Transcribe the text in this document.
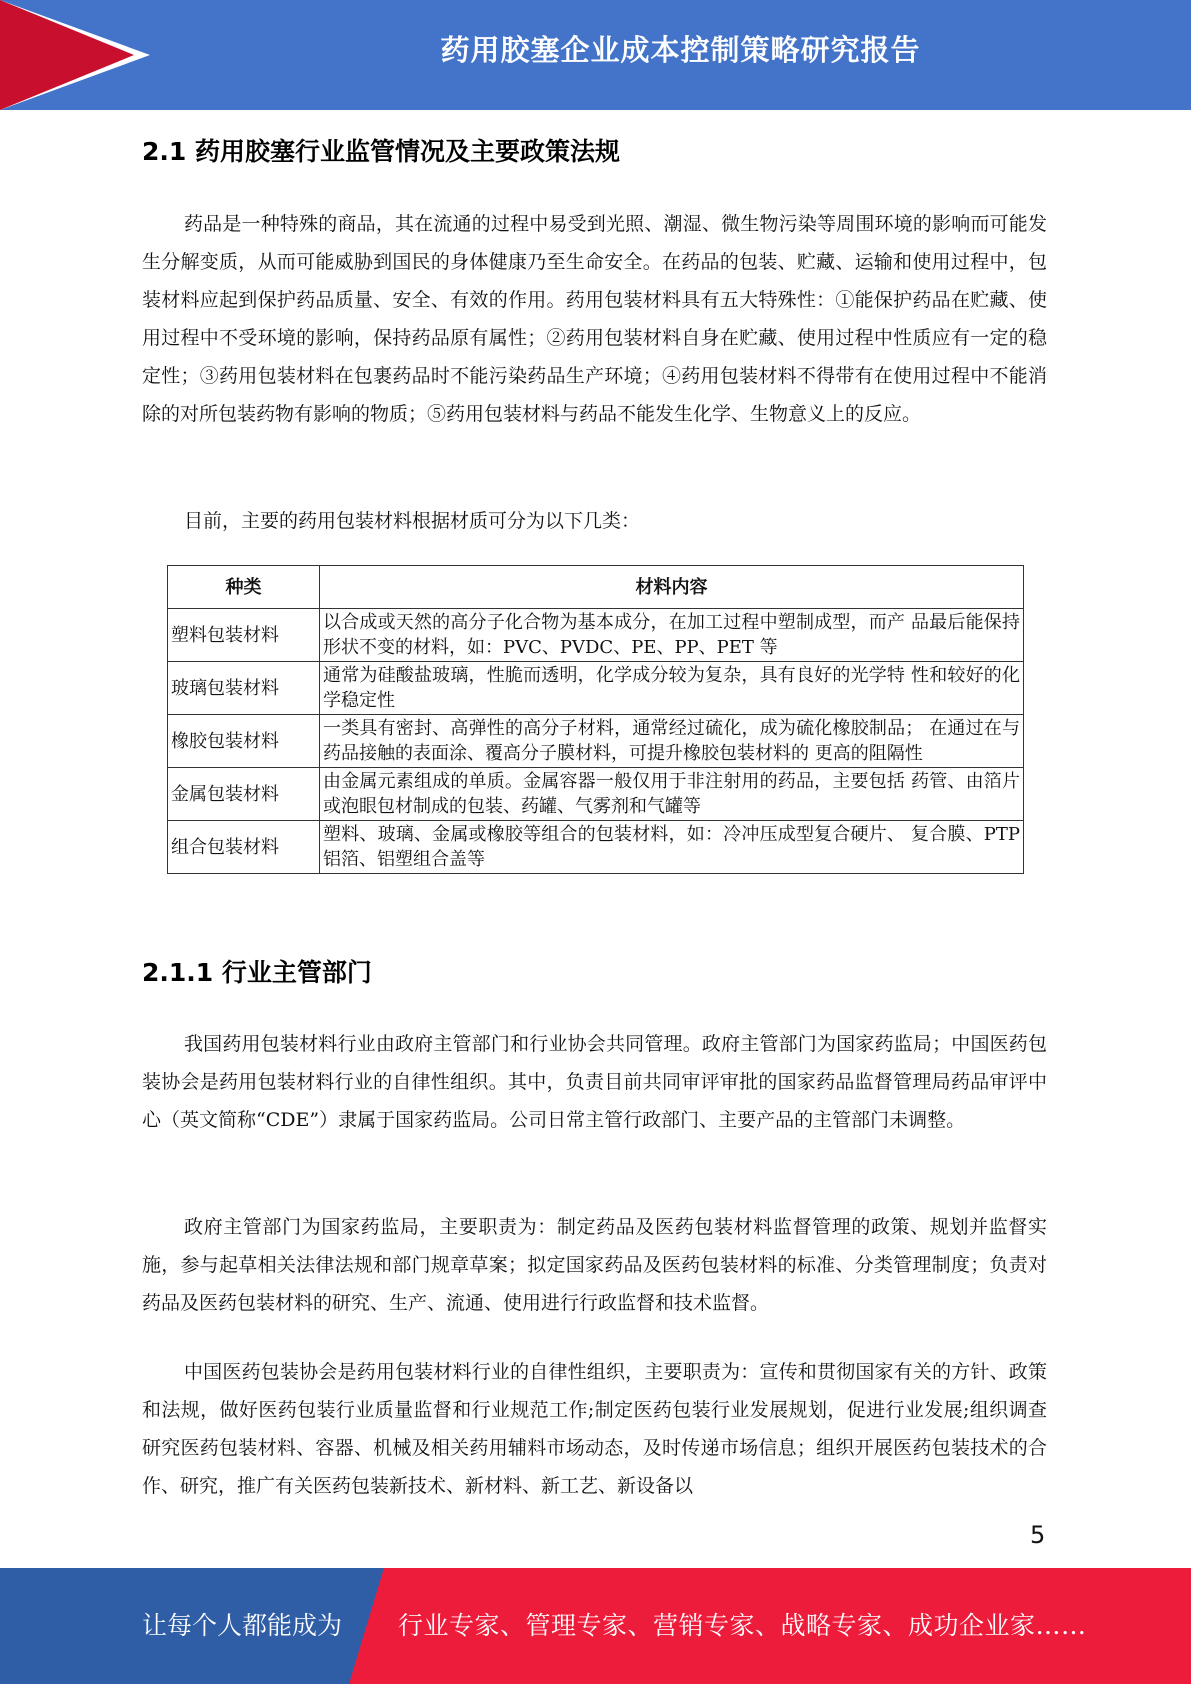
药用胶塞企业成本控制策略研究报告
2.1 药用胶塞行业监管情况及主要政策法规

药品是一种特殊的商品，其在流通的过程中易受到光照、潮湿、微生物污染等周围环境的影响而可能发生分解变质，从而可能威胁到国民的身体健康乃至生命安全。在药品的包装、贮藏、运输和使用过程中，包装材料应起到保护药品质量、安全、有效的作用。药用包装材料具有五大特殊性：①能保护药品在贮藏、使用过程中不受环境的影响，保持药品原有属性；②药用包装材料自身在贮藏、使用过程中性质应有一定的稳定性；③药用包装材料在包裹药品时不能污染药品生产环境；④药用包装材料不得带有在使用过程中不能消除的对所包装药物有影响的物质；⑤药用包装材料与药品不能发生化学、生物意义上的反应。

目前，主要的药用包装材料根据材质可分为以下几类：

种类	材料内容
塑料包装材料	以合成或天然的高分子化合物为基本成分，在加工过程中塑制成型，而产 品最后能保持形状不变的材料，如：PVC、PVDC、PE、PP、PET 等
玻璃包装材料	通常为硅酸盐玻璃，性脆而透明，化学成分较为复杂，具有良好的光学特 性和较好的化学稳定性
橡胶包装材料	一类具有密封、高弹性的高分子材料，通常经过硫化，成为硫化橡胶制品； 在通过在与药品接触的表面涂、覆高分子膜材料，可提升橡胶包装材料的 更高的阻隔性
金属包装材料	由金属元素组成的单质。金属容器一般仅用于非注射用的药品，主要包括 药管、由箔片或泡眼包材制成的包装、药罐、气雾剂和气罐等
组合包装材料	塑料、玻璃、金属或橡胶等组合的包装材料，如：冷冲压成型复合硬片、 复合膜、PTP 铝箔、铝塑组合盖等
2.1.1 行业主管部门

我国药用包装材料行业由政府主管部门和行业协会共同管理。政府主管部门为国家药监局；中国医药包装协会是药用包装材料行业的自律性组织。其中，负责目前共同审评审批的国家药品监督管理局药品审评中心（英文简称“CDE”）隶属于国家药监局。公司日常主管行政部门、主要产品的主管部门未调整。

政府主管部门为国家药监局，主要职责为：制定药品及医药包装材料监督管理的政策、规划并监督实施，参与起草相关法律法规和部门规章草案；拟定国家药品及医药包装材料的标准、分类管理制度；负责对药品及医药包装材料的研究、生产、流通、使用进行行政监督和技术监督。

中国医药包装协会是药用包装材料行业的自律性组织，主要职责为：宣传和贯彻国家有关的方针、政策和法规，做好医药包装行业质量监督和行业规范工作;制定医药包装行业发展规划，促进行业发展;组织调查研究医药包装材料、容器、机械及相关药用辅料市场动态，及时传递市场信息；组织开展医药包装技术的合作、研究，推广有关医药包装新技术、新材料、新工艺、新设备以

5
让每个人都能成为 行业专家、管理专家、营销专家、战略专家、成功企业家……
